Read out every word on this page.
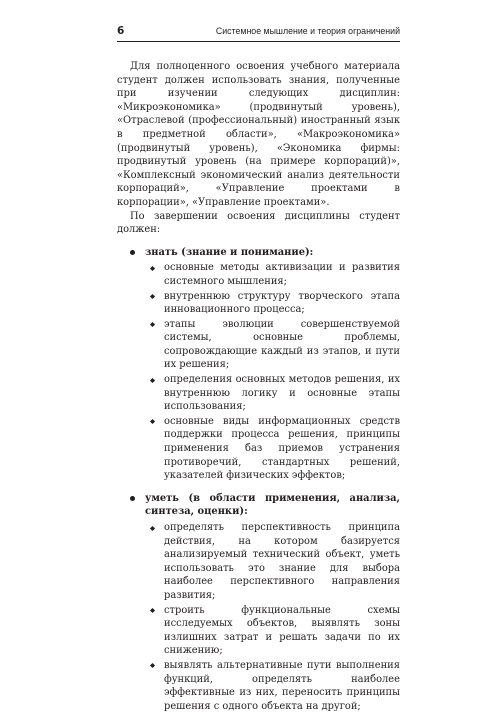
6	Системное мышление и теория ограничений

Для полноценного освоения учебного материала студент должен использовать знания, полученные при изучении следующих дисциплин: «Микроэкономика» (продвинутый уровень), «Отраслевой (профессиональный) иностранный язык в предметной области», «Макроэкономика» (продвинутый уровень), «Экономика фирмы: продвинутый уровень (на примере корпораций)», «Комплексный экономический анализ деятельности корпораций», «Управление проектами в корпорации», «Управление проектами».

По завершении освоения дисциплины студент должен:

знать (знание и понимание):
основные методы активизации и развития системного мышления;
внутреннюю структуру творческого этапа инновационного процесса;
этапы эволюции совершенствуемой системы, основные проблемы, сопровождающие каждый из этапов, и пути их решения;
определения основных методов решения, их внутреннюю логику и основные этапы использования;
основные виды информационных средств поддержки процесса решения, принципы применения баз приемов устранения противоречий, стандартных решений, указателей физических эффектов;
уметь (в области применения, анализа, синтеза, оценки):
определять перспективность принципа действия, на котором базируется анализируемый технический объект, уметь использовать это знание для выбора наиболее перспективного направления развития;
строить функциональные схемы исследуемых объектов, выявлять зоны излишних затрат и решать задачи по их снижению;
выявлять альтернативные пути выполнения функций, определять наиболее эффективные из них, переносить принципы решения с одного объекта на другой;
